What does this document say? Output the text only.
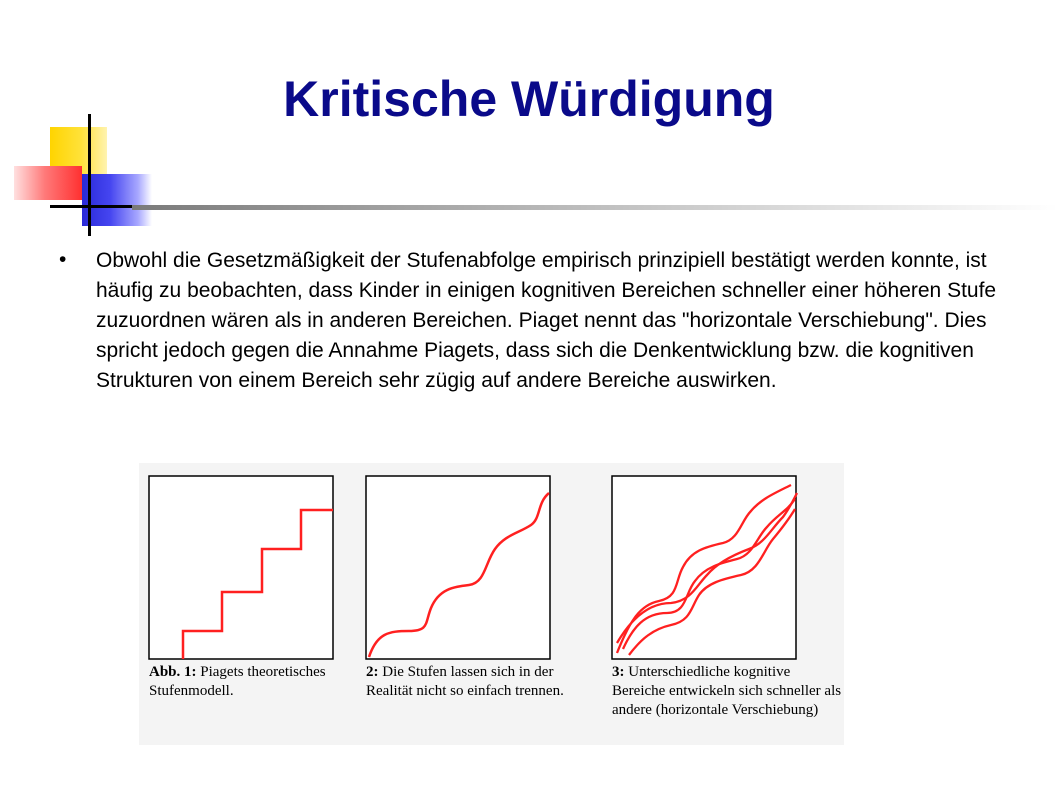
Kritische Würdigung
• Obwohl die Gesetzmäßigkeit der Stufenabfolge empirisch prinzipiell bestätigt werden konnte, ist häufig zu beobachten, dass Kinder in einigen kognitiven Bereichen schneller einer höheren Stufe zuzuordnen wären als in anderen Bereichen. Piaget nennt das "horizontale Verschiebung". Dies spricht jedoch gegen die Annahme Piagets, dass sich die Denkentwicklung bzw. die kognitiven Strukturen von einem Bereich sehr zügig auf andere Bereiche auswirken.

Abb. 1: Piagets theoretisches Stufenmodell.

2: Die Stufen lassen sich in der Realität nicht so einfach trennen.

3: Unterschiedliche kognitive Bereiche entwickeln sich schneller als andere (horizontale Verschiebung)
